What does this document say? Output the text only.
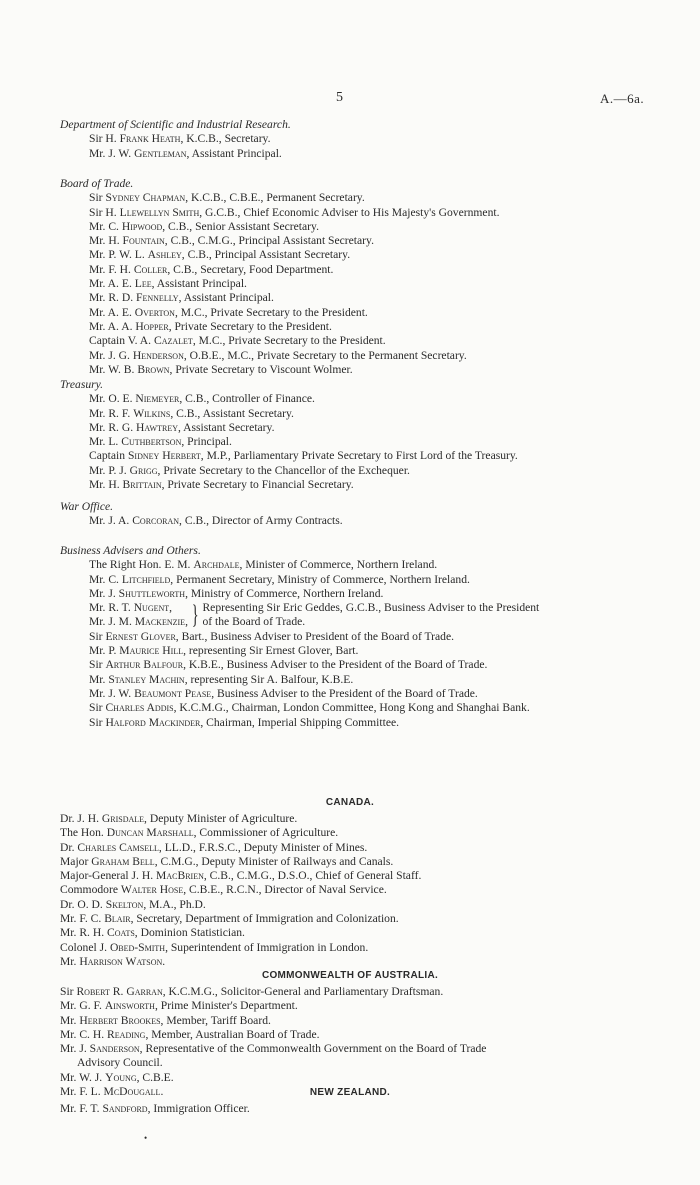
5	A.—6a.
Department of Scientific and Industrial Research.
Sir H. Frank Heath, K.C.B., Secretary.
Mr. J. W. Gentleman, Assistant Principal.
Board of Trade.
Sir Sydney Chapman, K.C.B., C.B.E., Permanent Secretary.
Sir H. Llewellyn Smith, G.C.B., Chief Economic Adviser to His Majesty's Government.
Mr. C. Hipwood, C.B., Senior Assistant Secretary.
Mr. H. Fountain, C.B., C.M.G., Principal Assistant Secretary.
Mr. P. W. L. Ashley, C.B., Principal Assistant Secretary.
Mr. F. H. Coller, C.B., Secretary, Food Department.
Mr. A. E. Lee, Assistant Principal.
Mr. R. D. Fennelly, Assistant Principal.
Mr. A. E. Overton, M.C., Private Secretary to the President.
Mr. A. A. Hopper, Private Secretary to the President.
Captain V. A. Cazalet, M.C., Private Secretary to the President.
Mr. J. G. Henderson, O.B.E., M.C., Private Secretary to the Permanent Secretary.
Mr. W. B. Brown, Private Secretary to Viscount Wolmer.
Treasury.
Mr. O. E. Niemeyer, C.B., Controller of Finance.
Mr. R. F. Wilkins, C.B., Assistant Secretary.
Mr. R. G. Hawtrey, Assistant Secretary.
Mr. L. Cuthbertson, Principal.
Captain Sidney Herbert, M.P., Parliamentary Private Secretary to First Lord of the Treasury.
Mr. P. J. Grigg, Private Secretary to the Chancellor of the Exchequer.
Mr. H. Brittain, Private Secretary to Financial Secretary.
War Office.
Mr. J. A. Corcoran, C.B., Director of Army Contracts.
Business Advisers and Others.
The Right Hon. E. M. Archdale, Minister of Commerce, Northern Ireland.
Mr. C. Litchfield, Permanent Secretary, Ministry of Commerce, Northern Ireland.
Mr. J. Shuttleworth, Ministry of Commerce, Northern Ireland.
Mr. R. T. Nugent,
Mr. J. M. Mackenzie, } Representing Sir Eric Geddes, G.C.B., Business Adviser to the President
of the Board of Trade.
Sir Ernest Glover, Bart., Business Adviser to President of the Board of Trade.
Mr. P. Maurice Hill, representing Sir Ernest Glover, Bart.
Sir Arthur Balfour, K.B.E., Business Adviser to the President of the Board of Trade.
Mr. Stanley Machin, representing Sir A. Balfour, K.B.E.
Mr. J. W. Beaumont Pease, Business Adviser to the President of the Board of Trade.
Sir Charles Addis, K.C.M.G., Chairman, London Committee, Hong Kong and Shanghai Bank.
Sir Halford Mackinder, Chairman, Imperial Shipping Committee.
CANADA.
Dr. J. H. Grisdale, Deputy Minister of Agriculture.
The Hon. Duncan Marshall, Commissioner of Agriculture.
Dr. Charles Camsell, LL.D., F.R.S.C., Deputy Minister of Mines.
Major Graham Bell, C.M.G., Deputy Minister of Railways and Canals.
Major-General J. H. MacBrien, C.B., C.M.G., D.S.O., Chief of General Staff.
Commodore Walter Hose, C.B.E., R.C.N., Director of Naval Service.
Dr. O. D. Skelton, M.A., Ph.D.
Mr. F. C. Blair, Secretary, Department of Immigration and Colonization.
Mr. R. H. Coats, Dominion Statistician.
Colonel J. Obed-Smith, Superintendent of Immigration in London.
Mr. Harrison Watson.
COMMONWEALTH OF AUSTRALIA.
Sir Robert R. Garran, K.C.M.G., Solicitor-General and Parliamentary Draftsman.
Mr. G. F. Ainsworth, Prime Minister's Department.
Mr. Herbert Brookes, Member, Tariff Board.
Mr. C. H. Reading, Member, Australian Board of Trade.
Mr. J. Sanderson, Representative of the Commonwealth Government on the Board of Trade
Advisory Council.
Mr. W. J. Young, C.B.E.
Mr. F. L. McDougall.	NEW ZEALAND.
Mr. F. T. Sandford, Immigration Officer.
•
